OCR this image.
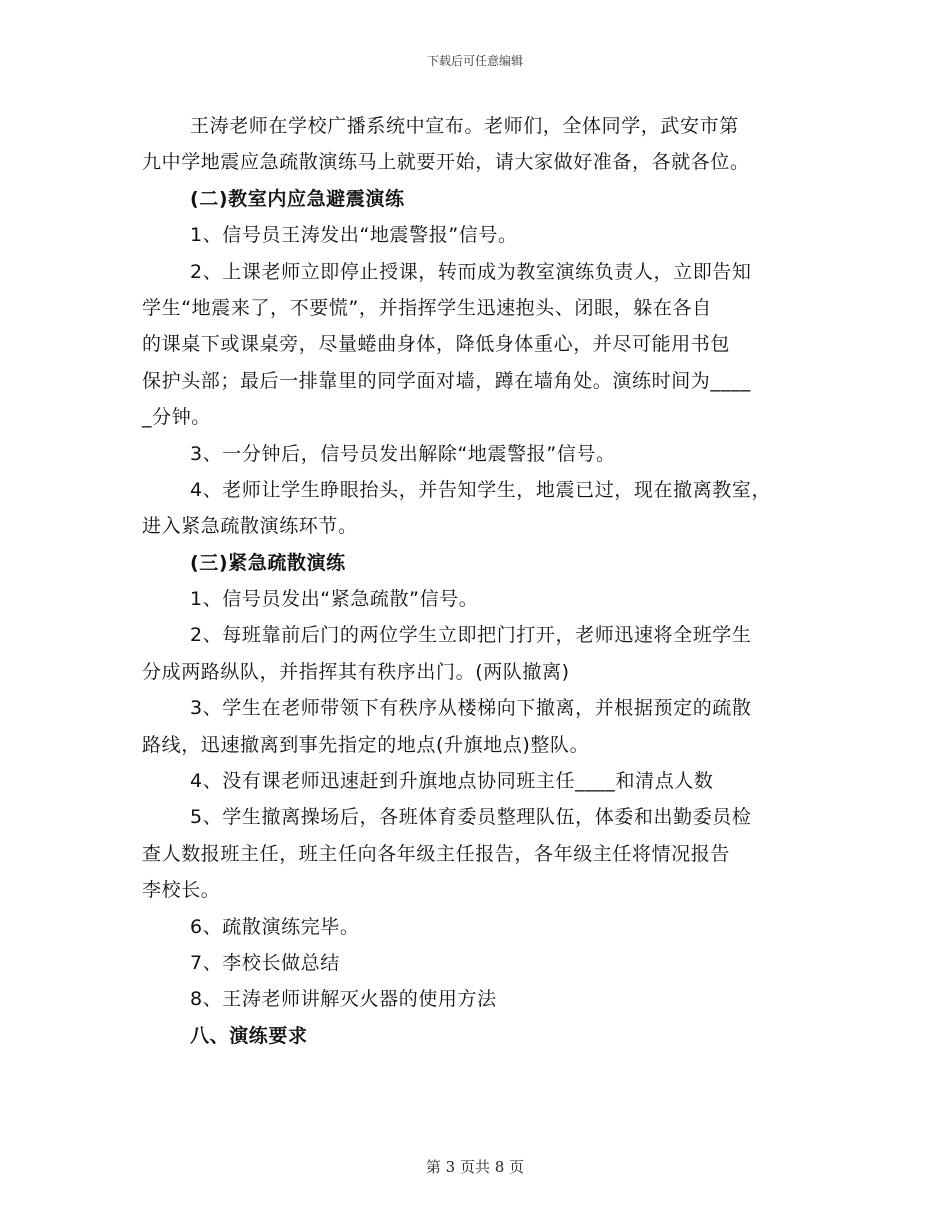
下载后可任意编辑
王涛老师在学校广播系统中宣布。老师们，全体同学，武安市第
九中学地震应急疏散演练马上就要开始，请大家做好准备，各就各位。
(二)教室内应急避震演练
1、信号员王涛发出“地震警报”信号。
2、上课老师立即停止授课，转而成为教室演练负责人，立即告知
学生“地震来了，不要慌”，并指挥学生迅速抱头、闭眼，躲在各自
的课桌下或课桌旁，尽量蜷曲身体，降低身体重心，并尽可能用书包
保护头部；最后一排靠里的同学面对墙，蹲在墙角处。演练时间为____
_分钟。
3、一分钟后，信号员发出解除“地震警报”信号。
4、老师让学生睁眼抬头，并告知学生，地震已过，现在撤离教室，
进入紧急疏散演练环节。
(三)紧急疏散演练
1、信号员发出“紧急疏散”信号。
2、每班靠前后门的两位学生立即把门打开，老师迅速将全班学生
分成两路纵队，并指挥其有秩序出门。(两队撤离)
3、学生在老师带领下有秩序从楼梯向下撤离，并根据预定的疏散
路线，迅速撤离到事先指定的地点(升旗地点)整队。
4、没有课老师迅速赶到升旗地点协同班主任____和清点人数
5、学生撤离操场后，各班体育委员整理队伍，体委和出勤委员检
查人数报班主任，班主任向各年级主任报告，各年级主任将情况报告
李校长。
6、疏散演练完毕。
7、李校长做总结
8、王涛老师讲解灭火器的使用方法
八、演练要求
第 3 页共 8 页
